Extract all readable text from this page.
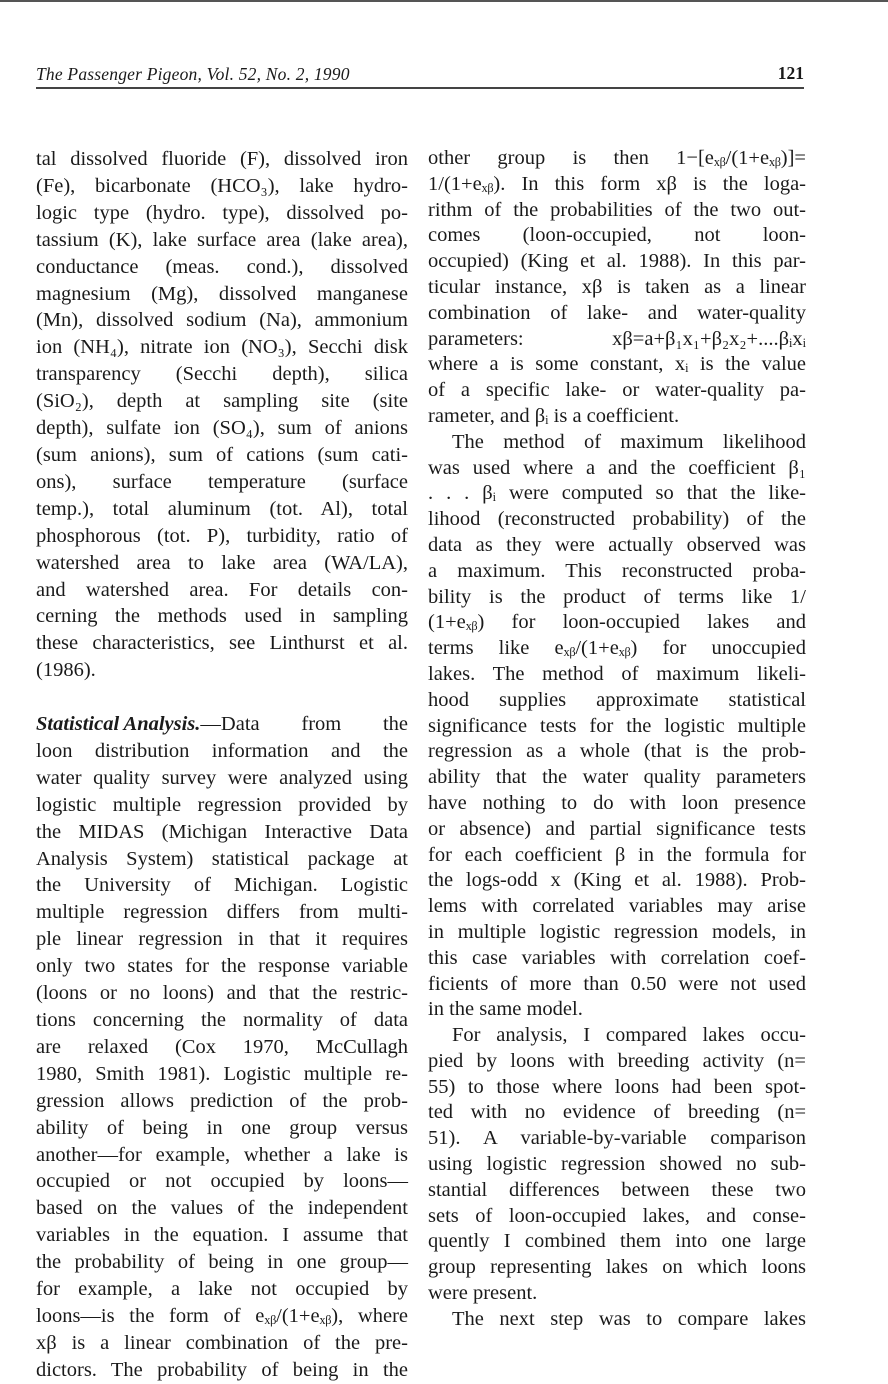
The Passenger Pigeon, Vol. 52, No. 2, 1990	121
tal dissolved fluoride (F), dissolved iron
(Fe), bicarbonate (HCO₃), lake hydro-
logic type (hydro. type), dissolved po-
tassium (K), lake surface area (lake area),
conductance (meas. cond.), dissolved
magnesium (Mg), dissolved manganese
(Mn), dissolved sodium (Na), ammonium
ion (NH₄), nitrate ion (NO₃), Secchi disk
transparency (Secchi depth), silica
(SiO₂), depth at sampling site (site
depth), sulfate ion (SO₄), sum of anions
(sum anions), sum of cations (sum cati-
ons), surface temperature (surface
temp.), total aluminum (tot. Al), total
phosphorous (tot. P), turbidity, ratio of
watershed area to lake area (WA/LA),
and watershed area. For details con-
cerning the methods used in sampling
these characteristics, see Linthurst et al.
(1986).
Statistical Analysis. —Data from the
loon distribution information and the
water quality survey were analyzed using
logistic multiple regression provided by
the MIDAS (Michigan Interactive Data
Analysis System) statistical package at
the University of Michigan. Logistic
multiple regression differs from multi-
ple linear regression in that it requires
only two states for the response variable
(loons or no loons) and that the restric-
tions concerning the normality of data
are relaxed (Cox 1970, McCullagh
1980, Smith 1981). Logistic multiple re-
gression allows prediction of the prob-
ability of being in one group versus
another—for example, whether a lake is
occupied or not occupied by loons—
based on the values of the independent
variables in the equation. I assume that
the probability of being in one group—
for example, a lake not occupied by
loons—is the form of eₓᵦ/(1+eₓᵦ), where
xβ is a linear combination of the pre-
dictors. The probability of being in the
other group is then 1−[eₓᵦ/(1+eₓᵦ)]=
1/(1+eₓᵦ). In this form xβ is the loga-
rithm of the probabilities of the two out-
comes (loon-occupied, not loon-
occupied) (King et al. 1988). In this par-
ticular instance, xβ is taken as a linear
combination of lake- and water-quality
parameters: xβ=a+β₁x₁+β₂x₂+....βᵢxᵢ
where a is some constant, xᵢ is the value
of a specific lake- or water-quality pa-
rameter, and βᵢ is a coefficient.
The method of maximum likelihood
was used where a and the coefficient β₁
. . . βᵢ were computed so that the like-
lihood (reconstructed probability) of the
data as they were actually observed was
a maximum. This reconstructed proba-
bility is the product of terms like 1/
(1+eₓᵦ) for loon-occupied lakes and
terms like eₓᵦ/(1+eₓᵦ) for unoccupied
lakes. The method of maximum likeli-
hood supplies approximate statistical
significance tests for the logistic multiple
regression as a whole (that is the prob-
ability that the water quality parameters
have nothing to do with loon presence
or absence) and partial significance tests
for each coefficient β in the formula for
the logs-odd x (King et al. 1988). Prob-
lems with correlated variables may arise
in multiple logistic regression models, in
this case variables with correlation coef-
ficients of more than 0.50 were not used
in the same model.
For analysis, I compared lakes occu-
pied by loons with breeding activity (n=
55) to those where loons had been spot-
ted with no evidence of breeding (n=
51). A variable-by-variable comparison
using logistic regression showed no sub-
stantial differences between these two
sets of loon-occupied lakes, and conse-
quently I combined them into one large
group representing lakes on which loons
were present.
The next step was to compare lakes
